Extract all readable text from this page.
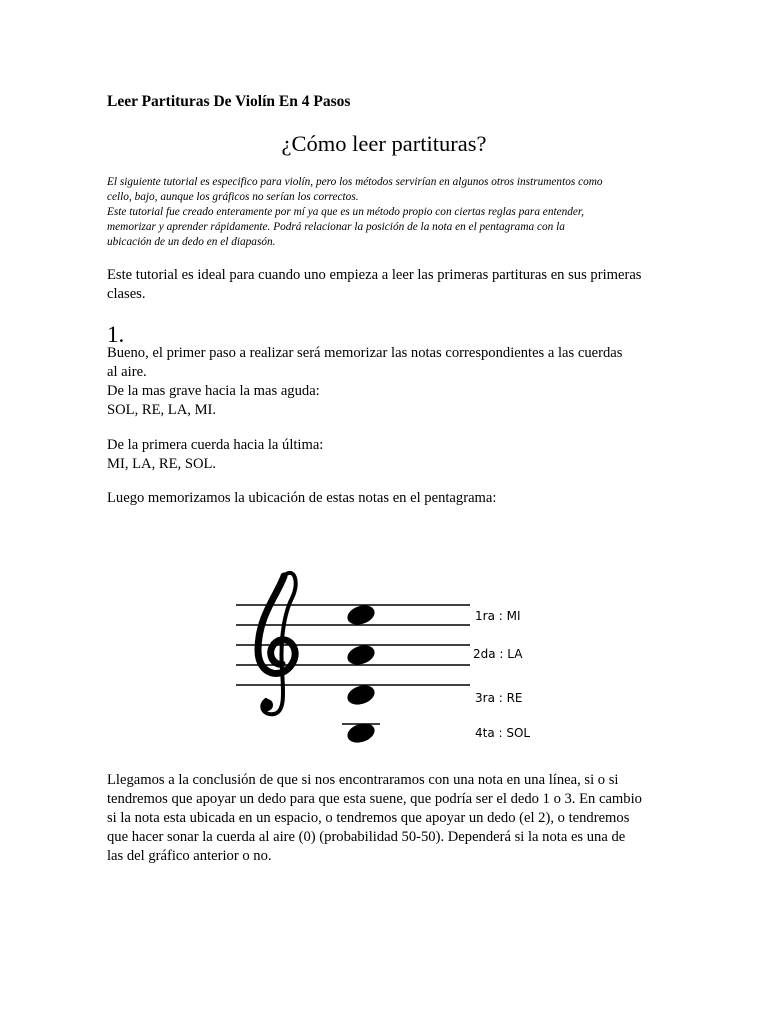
Leer Partituras De Violín En 4 Pasos

¿Cómo leer partituras?

El siguiente tutorial es especifico para violín, pero los métodos servirían en algunos otros instrumentos como
cello, bajo, aunque los gráficos no serían los correctos.
Este tutorial fue creado enteramente por mí ya que es un método propio con ciertas reglas para entender,
memorizar y aprender rápidamente. Podrá relacionar la posición de la nota en el pentagrama con la
ubicación de un dedo en el diapasón.
Este tutorial es ideal para cuando uno empieza a leer las primeras partituras en sus primeras
clases.
1.
Bueno, el primer paso a realizar será memorizar las notas correspondientes a las cuerdas
al aire.
De la mas grave hacia la mas aguda:
SOL, RE, LA, MI.
De la primera cuerda hacia la última:
MI, LA, RE, SOL.

Luego memorizamos la ubicación de estas notas en el pentagrama:

1ra : MI
2da : LA
3ra : RE
4ta : SOL
Llegamos a la conclusión de que si nos encontraramos con una nota en una línea, si o si
tendremos que apoyar un dedo para que esta suene, que podría ser el dedo 1 o 3. En cambio
si la nota esta ubicada en un espacio, o tendremos que apoyar un dedo (el 2), o tendremos
que hacer sonar la cuerda al aire (0) (probabilidad 50-50). Dependerá si la nota es una de
las del gráfico anterior o no.
